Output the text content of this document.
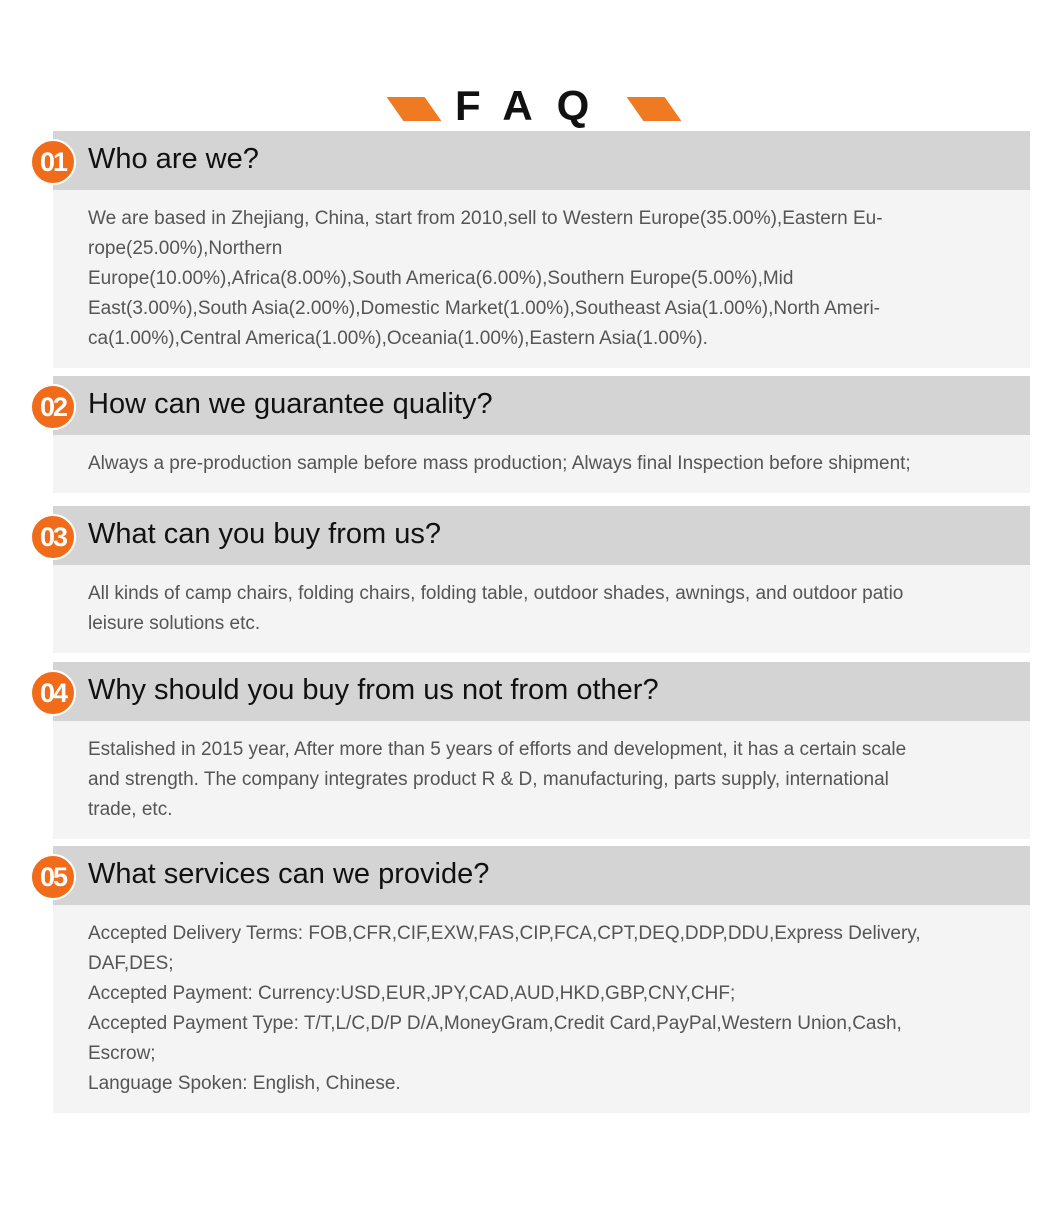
FAQ
01 Who are we?
We are based in Zhejiang, China, start from 2010,sell to Western Europe(35.00%),Eastern Eu-
rope(25.00%),Northern
Europe(10.00%),Africa(8.00%),South America(6.00%),Southern Europe(5.00%),Mid
East(3.00%),South Asia(2.00%),Domestic Market(1.00%),Southeast Asia(1.00%),North Ameri-
ca(1.00%),Central America(1.00%),Oceania(1.00%),Eastern Asia(1.00%).
02 How can we guarantee quality?
Always a pre-production sample before mass production; Always final Inspection before shipment;
03 What can you buy from us?
All kinds of camp chairs, folding chairs, folding table, outdoor shades, awnings, and outdoor patio
leisure solutions etc.
04 Why should you buy from us not from other?
Estalished in 2015 year, After more than 5 years of efforts and development, it has a certain scale
and strength. The company integrates product R & D, manufacturing, parts supply, international
trade, etc.
05 What services can we provide?
Accepted Delivery Terms: FOB,CFR,CIF,EXW,FAS,CIP,FCA,CPT,DEQ,DDP,DDU,Express Delivery,
DAF,DES;
Accepted Payment: Currency:USD,EUR,JPY,CAD,AUD,HKD,GBP,CNY,CHF;
Accepted Payment Type: T/T,L/C,D/P D/A,MoneyGram,Credit Card,PayPal,Western Union,Cash,
Escrow;
Language Spoken: English, Chinese.
